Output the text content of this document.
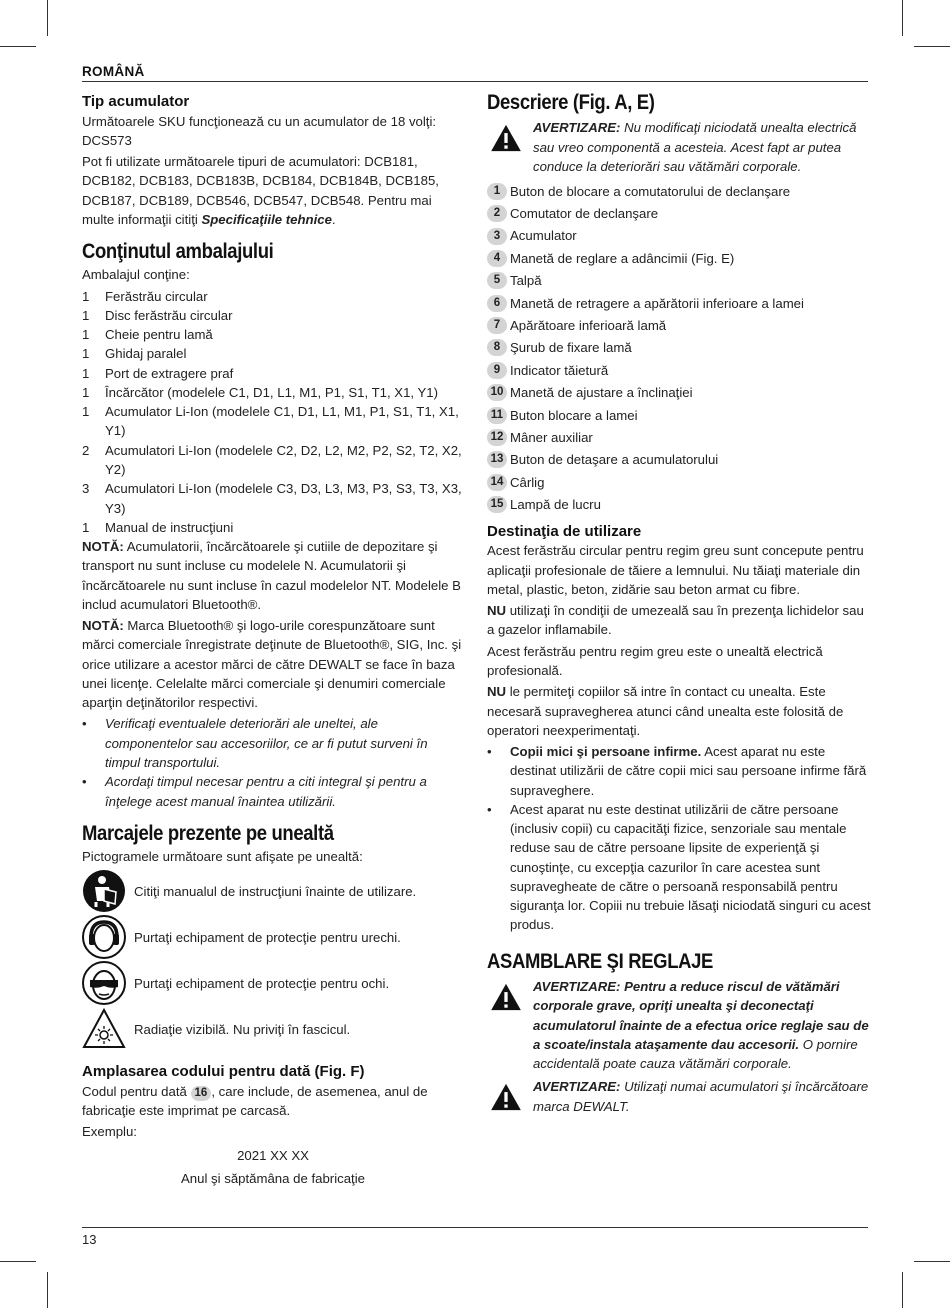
ROMÂNĂ
13
Tip acumulator

Următoarele SKU funcţionează cu un acumulator de 18 volţi: DCS573

Pot fi utilizate următoarele tipuri de acumulatori: DCB181, DCB182, DCB183, DCB183B, DCB184, DCB184B, DCB185, DCB187, DCB189, DCB546, DCB547, DCB548. Pentru mai multe informaţii citiţi Specificaţiile tehnice.

Conţinutul ambalajului

Ambalajul conţine:

1	Ferăstrău circular
1	Disc ferăstrău circular
1	Cheie pentru lamă
1	Ghidaj paralel
1	Port de extragere praf
1	Încărcător (modelele C1, D1, L1, M1, P1, S1, T1, X1, Y1)
1	Acumulator Li-Ion (modelele C1, D1, L1, M1, P1, S1, T1, X1, Y1)
2	Acumulatori Li-Ion (modelele C2, D2, L2, M2, P2, S2, T2, X2, Y2)
3	Acumulatori Li-Ion (modelele C3, D3, L3, M3, P3, S3, T3, X3, Y3)
1	Manual de instrucţiuni

NOTĂ: Acumulatorii, încărcătoarele şi cutiile de depozitare şi transport nu sunt incluse cu modelele N. Acumulatorii şi încărcătoarele nu sunt incluse în cazul modelelor NT. Modelele B includ acumulatori Bluetooth®.

NOTĂ: Marca Bluetooth® şi logo-urile corespunzătoare sunt mărci comerciale înregistrate deţinute de Bluetooth®, SIG, Inc. şi orice utilizare a acestor mărci de către DEWALT se face în baza unei licenţe. Celelalte mărci comerciale şi denumiri comerciale aparţin deţinătorilor respectivi.

•	Verificaţi eventualele deteriorări ale uneltei, ale componentelor sau accesoriilor, ce ar fi putut surveni în timpul transportului.
•	Acordaţi timpul necesar pentru a citi integral şi pentru a înţelege acest manual înaintea utilizării.
Marcajele prezente pe unealtă

Pictogramele următoare sunt afişate pe unealtă:

Citiţi manualul de instrucţiuni înainte de utilizare.
Purtaţi echipament de protecţie pentru urechi.
Purtaţi echipament de protecţie pentru ochi.
Radiaţie vizibilă. Nu priviţi în fascicul.
Amplasarea codului pentru dată (Fig. F)

Codul pentru dată 16 , care include, de asemenea, anul de fabricaţie este imprimat pe carcasă.

Exemplu:

2021 XX XX

Anul şi săptămâna de fabricaţie

Descriere (Fig. A, E)
AVERTIZARE: Nu modificaţi niciodată unealta electrică sau vreo componentă a acesteia. Acest fapt ar putea conduce la deteriorări sau vătămări corporale.
1 Buton de blocare a comutatorului de declanşare
2 Comutator de declanşare
3 Acumulator
4 Manetă de reglare a adâncimii (Fig. E)
5 Talpă
6 Manetă de retragere a apărătorii inferioare a lamei
7 Apărătoare inferioară lamă
8 Şurub de fixare lamă
9 Indicator tăietură
10 Manetă de ajustare a înclinaţiei
11 Buton blocare a lamei
12 Mâner auxiliar
13 Buton de detaşare a acumulatorului
14 Cârlig
15 Lampă de lucru
Destinaţia de utilizare

Acest ferăstrău circular pentru regim greu sunt concepute pentru aplicaţii profesionale de tăiere a lemnului. Nu tăiaţi materiale din metal, plastic, beton, zidărie sau beton armat cu fibre.

NU utilizaţi în condiţii de umezeală sau în prezenţa lichidelor sau a gazelor inflamabile.

Acest ferăstrău pentru regim greu este o unealtă electrică profesională.

NU le permiteţi copiilor să intre în contact cu unealta. Este necesară supravegherea atunci când unealta este folosită de operatori neexperimentaţi.

•	Copii mici şi persoane infirme. Acest aparat nu este destinat utilizării de către copii mici sau persoane infirme fără supraveghere.
•	Acest aparat nu este destinat utilizării de către persoane (inclusiv copii) cu capacităţi fizice, senzoriale sau mentale reduse sau de către persoane lipsite de experienţă şi cunoştinţe, cu excepţia cazurilor în care acestea sunt supravegheate de către o persoană responsabilă pentru siguranţa lor. Copiii nu trebuie lăsaţi niciodată singuri cu acest produs.
ASAMBLARE ŞI REGLAJE
AVERTIZARE: Pentru a reduce riscul de vătămări corporale grave, opriţi unealta şi deconectaţi acumulatorul înainte de a efectua orice reglaje sau de a scoate/instala ataşamente dau accesorii. O pornire accidentală poate cauza vătămări corporale.
AVERTIZARE: Utilizaţi numai acumulatori şi încărcătoare marca DEWALT.
